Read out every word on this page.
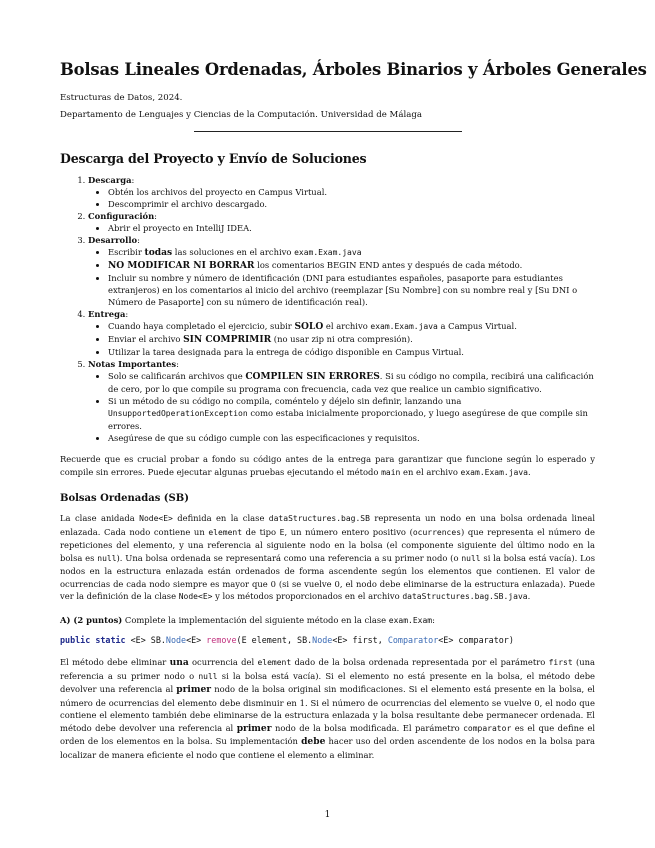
Bolsas Lineales Ordenadas, Árboles Binarios y Árboles Generales
Estructuras de Datos, 2024.
Departamento de Lenguajes y Ciencias de la Computación. Universidad de Málaga
Descarga del Proyecto y Envío de Soluciones
1. Descarga:
• Obtén los archivos del proyecto en Campus Virtual.
• Descomprimir el archivo descargado.
2. Configuración:
• Abrir el proyecto en IntelliJ IDEA.
3. Desarrollo:
• Escribir todas las soluciones en el archivo exam.Exam.java
• NO MODIFICAR NI BORRAR los comentarios BEGIN END antes y después de cada método.
• Incluir su nombre y número de identificación (DNI para estudiantes españoles, pasaporte para estudiantes extranjeros) en los comentarios al inicio del archivo (reemplazar [Su Nombre] con su nombre real y [Su DNI o Número de Pasaporte] con su número de identificación real).
4. Entrega:
• Cuando haya completado el ejercicio, subir SOLO el archivo exam.Exam.java a Campus Virtual.
• Enviar el archivo SIN COMPRIMIR (no usar zip ni otra compresión).
• Utilizar la tarea designada para la entrega de código disponible en Campus Virtual.
5. Notas Importantes:
• Solo se calificarán archivos que COMPILEN SIN ERRORES. Si su código no compila, recibirá una calificación de cero, por lo que compile su programa con frecuencia, cada vez que realice un cambio significativo.
• Si un método de su código no compila, coméntelo y déjelo sin definir, lanzando una UnsupportedOperationException como estaba inicialmente proporcionado, y luego asegúrese de que compile sin errores.
• Asegúrese de que su código cumple con las especificaciones y requisitos.

Recuerde que es crucial probar a fondo su código antes de la entrega para garantizar que funcione según lo esperado y compile sin errores. Puede ejecutar algunas pruebas ejecutando el método main en el archivo exam.Exam.java.

Bolsas Ordenadas (SB)

La clase anidada Node<E> definida en la clase dataStructures.bag.SB representa un nodo en una bolsa ordenada lineal enlazada. Cada nodo contiene un element de tipo E, un número entero positivo (ocurrences) que representa el número de repeticiones del elemento, y una referencia al siguiente nodo en la bolsa (el componente siguiente del último nodo en la bolsa es null). Una bolsa ordenada se representará como una referencia a su primer nodo (o null si la bolsa está vacía). Los nodos en la estructura enlazada están ordenados de forma ascendente según los elementos que contienen. El valor de ocurrencias de cada nodo siempre es mayor que 0 (si se vuelve 0, el nodo debe eliminarse de la estructura enlazada). Puede ver la definición de la clase Node<E> y los métodos proporcionados en el archivo dataStructures.bag.SB.java.

A) (2 puntos) Complete la implementación del siguiente método en la clase exam.Exam:

public static <E> SB.Node<E> remove(E element, SB.Node<E> first, Comparator<E> comparator)

El método debe eliminar una ocurrencia del element dado de la bolsa ordenada representada por el parámetro first (una referencia a su primer nodo o null si la bolsa está vacía). Si el elemento no está presente en la bolsa, el método debe devolver una referencia al primer nodo de la bolsa original sin modificaciones. Si el elemento está presente en la bolsa, el número de ocurrencias del elemento debe disminuir en 1. Si el número de ocurrencias del elemento se vuelve 0, el nodo que contiene el elemento también debe eliminarse de la estructura enlazada y la bolsa resultante debe permanecer ordenada. El método debe devolver una referencia al primer nodo de la bolsa modificada. El parámetro comparator es el que define el orden de los elementos en la bolsa. Su implementación debe hacer uso del orden ascendente de los nodos en la bolsa para localizar de manera eficiente el nodo que contiene el elemento a eliminar.

1
